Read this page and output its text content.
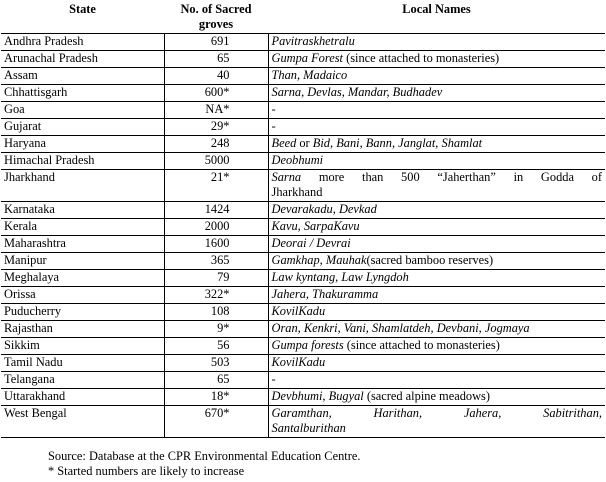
State	No. of Sacred groves	Local Names
Andhra Pradesh	691	Pavitraskhetralu
Arunachal Pradesh	65	Gumpa Forest (since attached to monasteries)
Assam	40	Than, Madaico
Chhattisgarh	600*	Sarna, Devlas, Mandar, Budhadev
Goa	NA*	-
Gujarat	29*	-
Haryana	248	Beed or Bid, Bani, Bann, Janglat, Shamlat
Himachal Pradesh	5000	Deobhumi
Jharkhand	21*	Sarna more than 500 “Jaherthan” in Godda of
Jharkhand

Karnataka	1424	Devarakadu, Devkad
Kerala	2000	Kavu, SarpaKavu
Maharashtra	1600	Deorai / Devrai
Manipur	365	Gamkhap, Mauhak(sacred bamboo reserves)
Meghalaya	79	Law kyntang, Law Lyngdoh
Orissa	322*	Jahera, Thakuramma
Puducherry	108	KovilKadu
Rajasthan	9*	Oran, Kenkri, Vani, Shamlatdeh, Devbani, Jogmaya
Sikkim	56	Gumpa forests (since attached to monasteries)
Tamil Nadu	503	KovilKadu
Telangana	65	-
Uttarakhand	18*	Devbhumi, Bugyal (sacred alpine meadows)
West Bengal	670*	Garamthan, Harithan, Jahera, Sabitrithan,
Santalburithan
Source: Database at the CPR Environmental Education Centre.
* Started numbers are likely to increase
